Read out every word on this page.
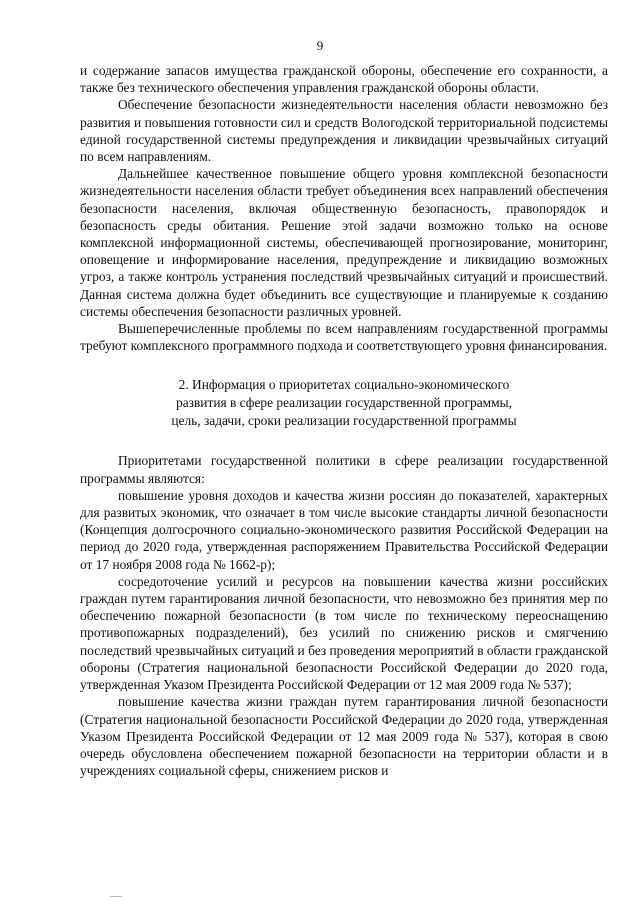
9

и содержание запасов имущества гражданской обороны, обеспечение его сохранности, а также без технического обеспечения управления гражданской обороны области.

Обеспечение безопасности жизнедеятельности населения области невозможно без развития и повышения готовности сил и средств Вологодской территориальной подсистемы единой государственной системы предупреждения и ликвидации чрезвычайных ситуаций по всем направлениям.

Дальнейшее качественное повышение общего уровня комплексной безопасности жизнедеятельности населения области требует объединения всех направлений обеспечения безопасности населения, включая общественную безопасность, правопорядок и безопасность среды обитания. Решение этой задачи возможно только на основе комплексной информационной системы, обеспечивающей прогнозирование, мониторинг, оповещение и информирование населения, предупреждение и ликвидацию возможных угроз, а также контроль устранения последствий чрезвычайных ситуаций и происшествий. Данная система должна будет объединить все существующие и планируемые к созданию системы обеспечения безопасности различных уровней.

Вышеперечисленные проблемы по всем направлениям государственной программы требуют комплексного программного подхода и соответствующего уровня финансирования.

2. Информация о приоритетах социально-экономического
развития в сфере реализации государственной программы,
цель, задачи, сроки реализации государственной программы

Приоритетами государственной политики в сфере реализации государственной программы являются:

повышение уровня доходов и качества жизни россиян до показателей, характерных для развитых экономик, что означает в том числе высокие стандарты личной безопасности (Концепция долгосрочного социально-экономического развития Российской Федерации на период до 2020 года, утвержденная распоряжением Правительства Российской Федерации от 17 ноября 2008 года № 1662-р);

сосредоточение усилий и ресурсов на повышении качества жизни российских граждан путем гарантирования личной безопасности, что невозможно без принятия мер по обеспечению пожарной безопасности (в том числе по техническому переоснащению противопожарных подразделений), без усилий по снижению рисков и смягчению последствий чрезвычайных ситуаций и без проведения мероприятий в области гражданской обороны (Стратегия национальной безопасности Российской Федерации до 2020 года, утвержденная Указом Президента Российской Федерации от 12 мая 2009 года № 537);

повышение качества жизни граждан путем гарантирования личной безопасности (Стратегия национальной безопасности Российской Федерации до 2020 года, утвержденная Указом Президента Российской Федерации от 12 мая 2009 года № 537), которая в свою очередь обусловлена обеспечением пожарной безопасности на территории области и в учреждениях социальной сферы, снижением рисков и
